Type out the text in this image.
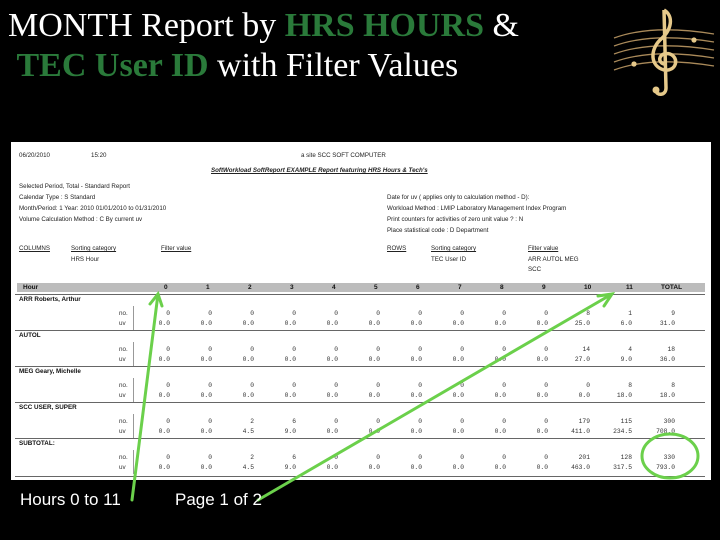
MONTH Report by HRS HOURS &
TEC User ID with Filter Values
06/20/2010	15:20	a site SCC SOFT COMPUTER
SoftWorkload SoftReport EXAMPLE Report featuring HRS Hours & Tech's
Selected Period, Total - Standard Report
Calendar Type : S Standard
Month/Period: 1 Year: 2010 01/01/2010 to 01/31/2010
Volume Calculation Method : C By current uv
Date for uv ( applies only to calculation method - D):
Workload Method : LMIP Laboratory Management Index Program
Print counters for activities of zero unit value ? : N
Place statistical code : D Department
COLUMNS	Sorting category	Filter value
HRS Hour
ROWS	Sorting category	Filter value
TEC User ID	ARR AUTOL MEG
SCC
Hour	0	1	2	3	4	5	6	7	8	9	10	11	TOTAL
ARR Roberts, Arthur
no.	0	0	0	0	0	0	0	0	0	0	8	1	9
uv	0.0	0.0	0.0	0.0	0.0	0.0	0.0	0.0	0.0	0.0	25.0	6.0	31.0
AUTOL
no.	0	0	0	0	0	0	0	0	0	0	14	4	18
uv	0.0	0.0	0.0	0.0	0.0	0.0	0.0	0.0	0.0	0.0	27.0	9.0	36.0
MEG Geary, Michelle
no.	0	0	0	0	0	0	0	0	0	0	0	8	8
uv	0.0	0.0	0.0	0.0	0.0	0.0	0.0	0.0	0.0	0.0	0.0	18.0	18.0
SCC USER, SUPER
no.	0	0	2	6	0	0	0	0	0	0	179	115	300
uv	0.0	0.0	4.5	9.0	0.0	0.0	0.0	0.0	0.0	0.0	411.0	234.5	708.0
SUBTOTAL:
no.	0	0	2	6	0	0	0	0	0	0	201	128	330
uv	0.0	0.0	4.5	9.0	0.0	0.0	0.0	0.0	0.0	0.0	463.0	317.5	793.0
Hours 0 to 11	Page 1 of 2
